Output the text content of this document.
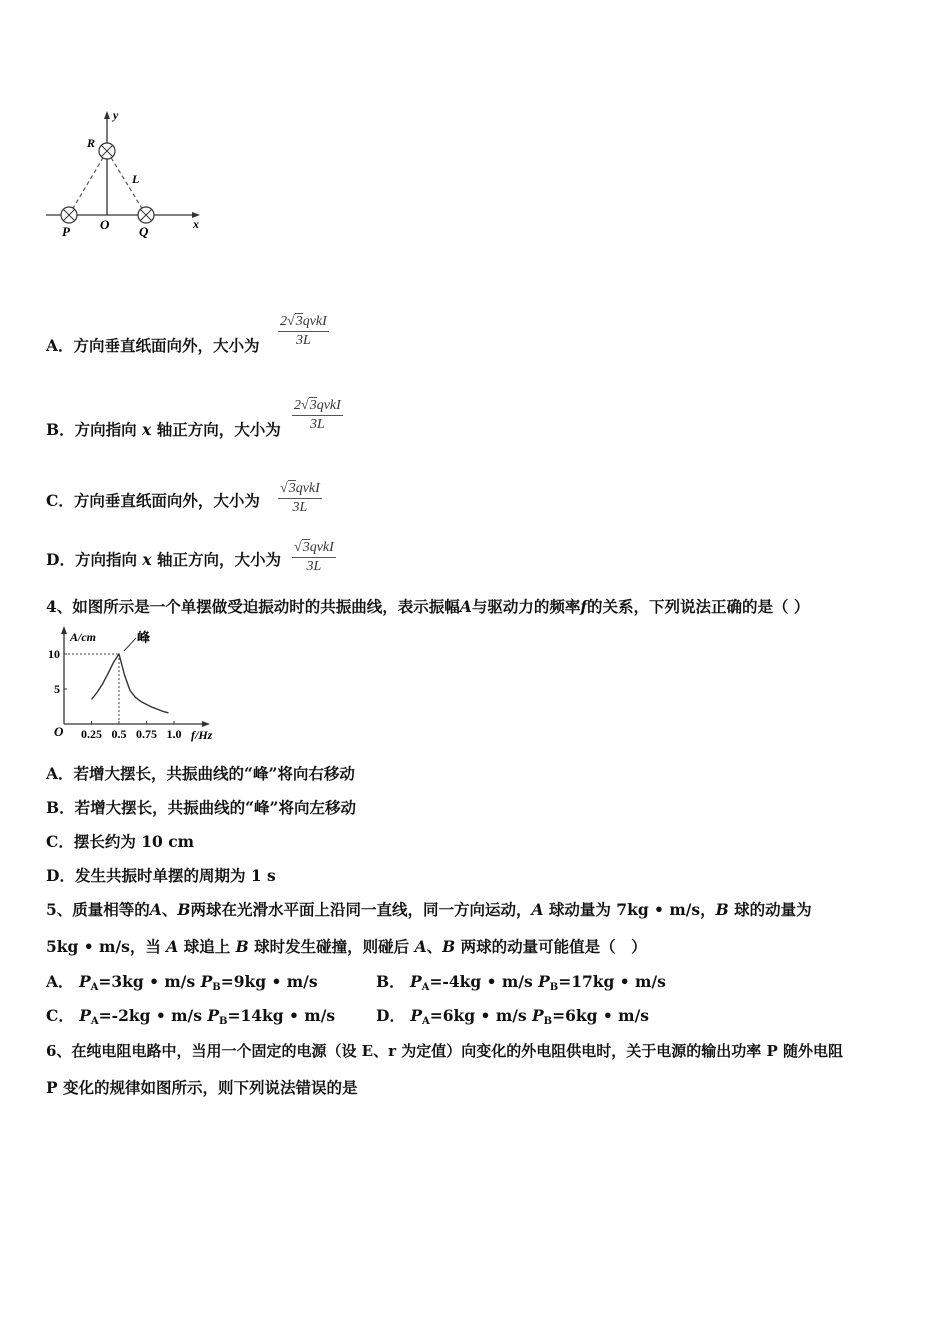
y
x
R
L
P O Q
A．方向垂直纸面向外，大小为
2√3qvkI
3L
B．方向指向 x 轴正方向，大小为
2√3qvkI
3L
C．方向垂直纸面向外，大小为
√3qvkI
3L
D．方向指向 x 轴正方向，大小为
√3qvkI
3L
4、如图所示是一个单摆做受迫振动时的共振曲线，表示振幅A与驱动力的频率f的关系，下列说法正确的是（ ）
A/cm
f/Hz
O
峰
0.25 0.5 0.75 1.0
5
10
A．若增大摆长，共振曲线的“峰”将向右移动
B．若增大摆长，共振曲线的“峰”将向左移动
C．摆长约为 10 cm
D．发生共振时单摆的周期为 1 s
5、质量相等的A、B两球在光滑水平面上沿同一直线，同一方向运动，A 球动量为 7kg • m/s，B 球的动量为
5kg • m/s，当 A 球追上 B 球时发生碰撞，则碰后 A、B 两球的动量可能值是（　）
A． $P_A=3kg$ • m/s $P_B=9kg$ • m/s	B． $P_A=-4kg$ • m/s $P_B=17kg$ • m/s
C． $P_A=-2kg$ • m/s $P_B=14kg$ • m/s	D． $P_A=6kg$ • m/s $P_B=6kg$ • m/s
6、在纯电阻电路中，当用一个固定的电源（设 E、r 为定值）向变化的外电阻供电时，关于电源的输出功率 P 随外电阻
P 变化的规律如图所示，则下列说法错误的是
